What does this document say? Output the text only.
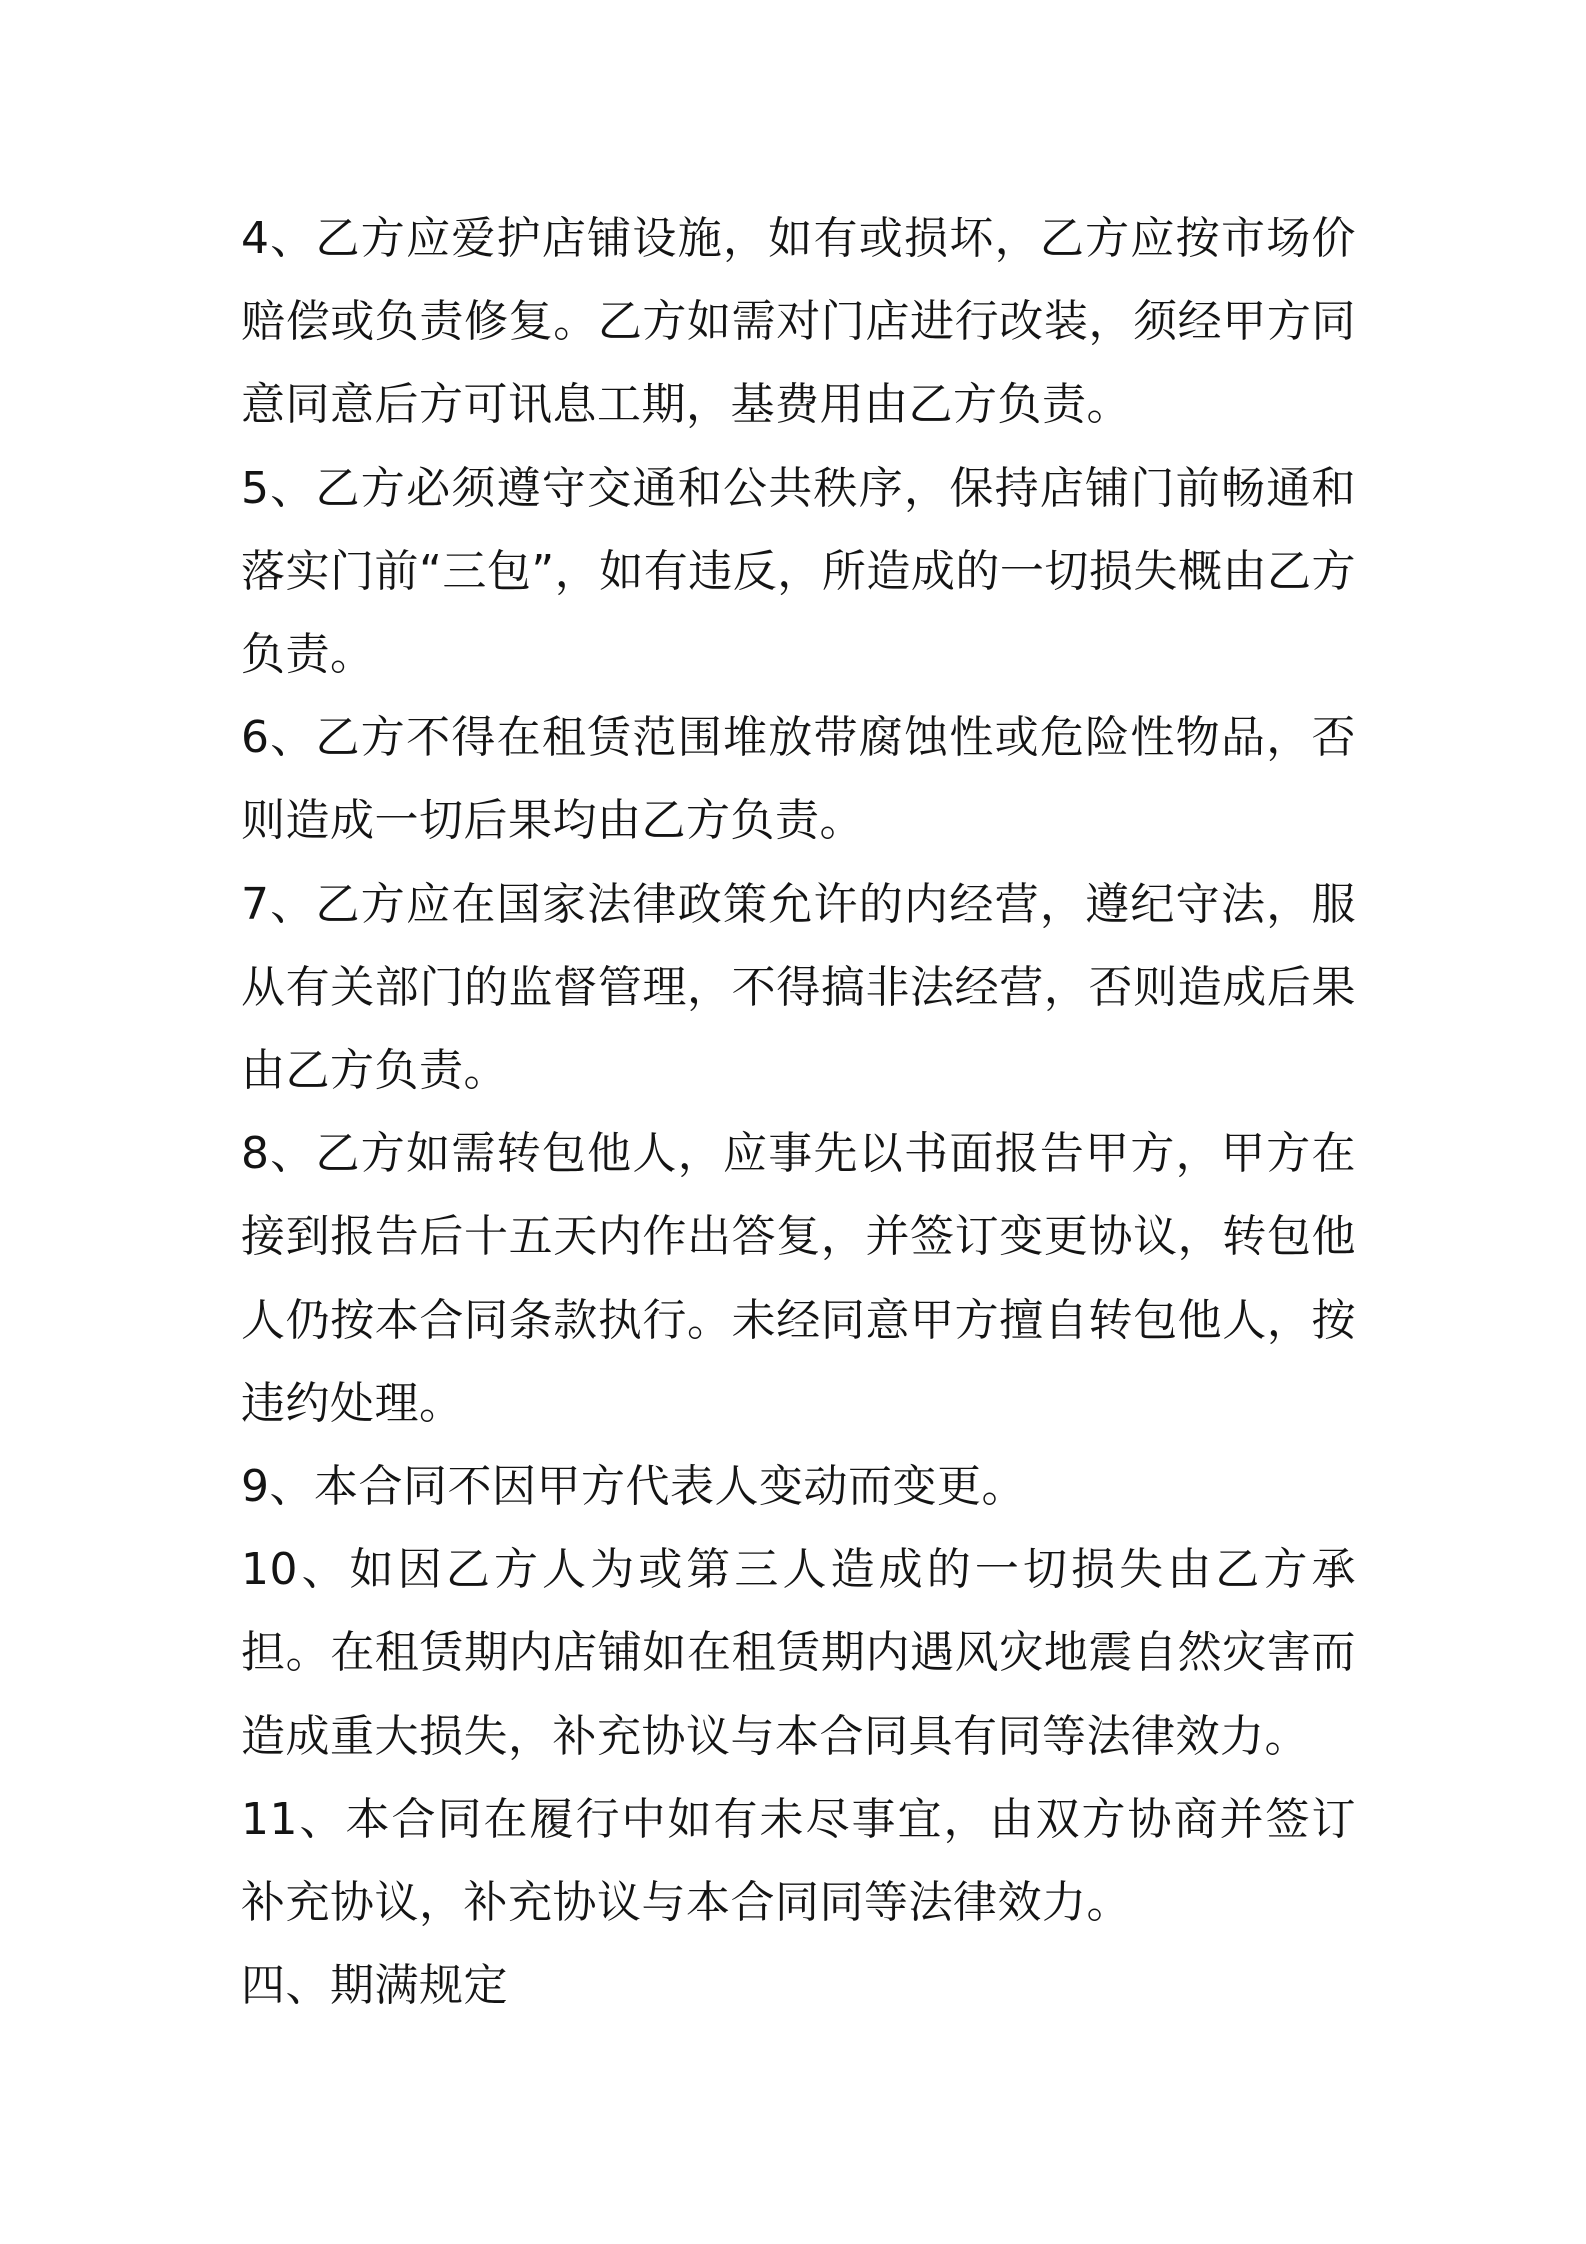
4、乙方应爱护店铺设施，如有或损坏，乙方应按市场价赔偿或负责修复。乙方如需对门店进行改装，须经甲方同意同意后方可讯息工期，基费用由乙方负责。

5、乙方必须遵守交通和公共秩序，保持店铺门前畅通和落实门前“三包”，如有违反，所造成的一切损失概由乙方负责。

6、乙方不得在租赁范围堆放带腐蚀性或危险性物品，否则造成一切后果均由乙方负责。

7、乙方应在国家法律政策允许的内经营，遵纪守法，服从有关部门的监督管理，不得搞非法经营，否则造成后果由乙方负责。

8、乙方如需转包他人，应事先以书面报告甲方，甲方在接到报告后十五天内作出答复，并签订变更协议，转包他人仍按本合同条款执行。未经同意甲方擅自转包他人，按违约处理。

9、本合同不因甲方代表人变动而变更。

10、如因乙方人为或第三人造成的一切损失由乙方承担。在租赁期内店铺如在租赁期内遇风灾地震自然灾害而造成重大损失，补充协议与本合同具有同等法律效力。

11、本合同在履行中如有未尽事宜，由双方协商并签订补充协议，补充协议与本合同同等法律效力。

四、期满规定
